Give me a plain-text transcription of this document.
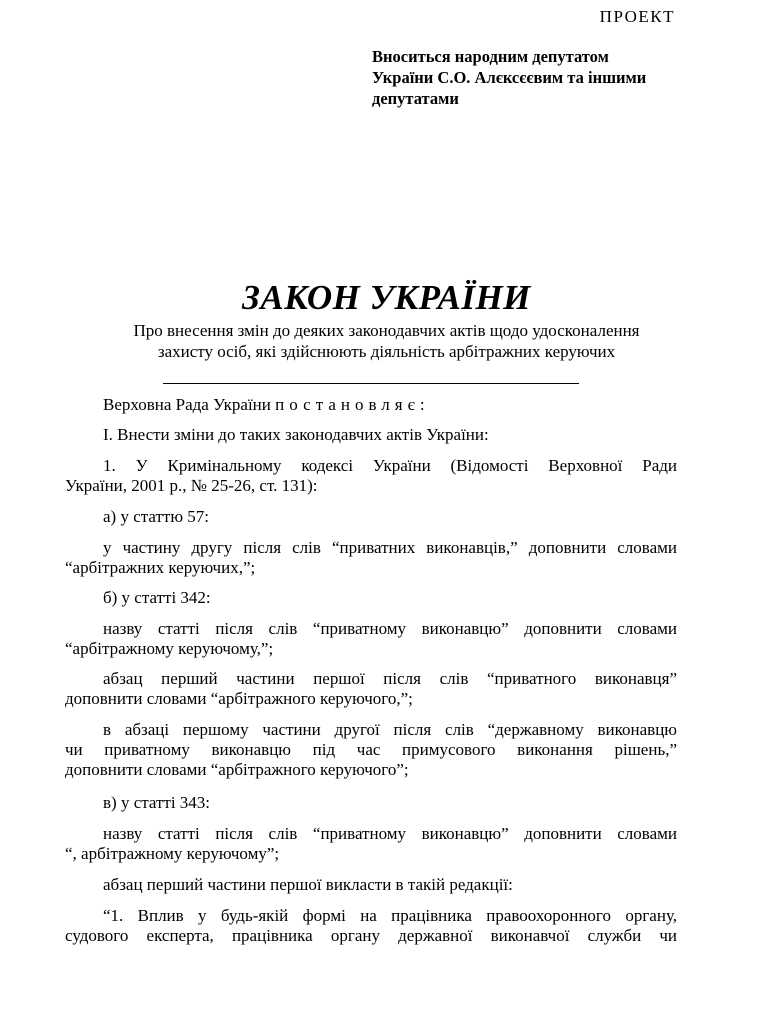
ПРОЕКТ
Вноситься народним депутатом
України С.О. Алєксєєвим та іншими
депутатами
ЗАКОН УКРАЇНИ
Про внесення змін до деяких законодавчих актів щодо удосконалення
захисту осіб, які здійснюють діяльність арбітражних керуючих
Верховна Рада України постановляє:
І. Внести зміни до таких законодавчих актів України:
1. У Кримінальному кодексі України (Відомості Верховної Ради
України, 2001 р., № 25-26, ст. 131):
а) у статтю 57:
у частину другу після слів “приватних виконавців,” доповнити словами
“арбітражних керуючих,”;
б) у статті 342:
назву статті після слів “приватному виконавцю” доповнити словами
“арбітражному керуючому,”;
абзац перший частини першої після слів “приватного виконавця”
доповнити словами “арбітражного керуючого,”;
в абзаці першому частини другої після слів “державному виконавцю
чи приватному виконавцю під час примусового виконання рішень,”
доповнити словами “арбітражного керуючого”;
в) у статті 343:
назву статті після слів “приватному виконавцю” доповнити словами
“, арбітражному керуючому”;
абзац перший частини першої викласти в такій редакції:
“1. Вплив у будь-якій формі на працівника правоохоронного органу,
судового експерта, працівника органу державної виконавчої служби чи
